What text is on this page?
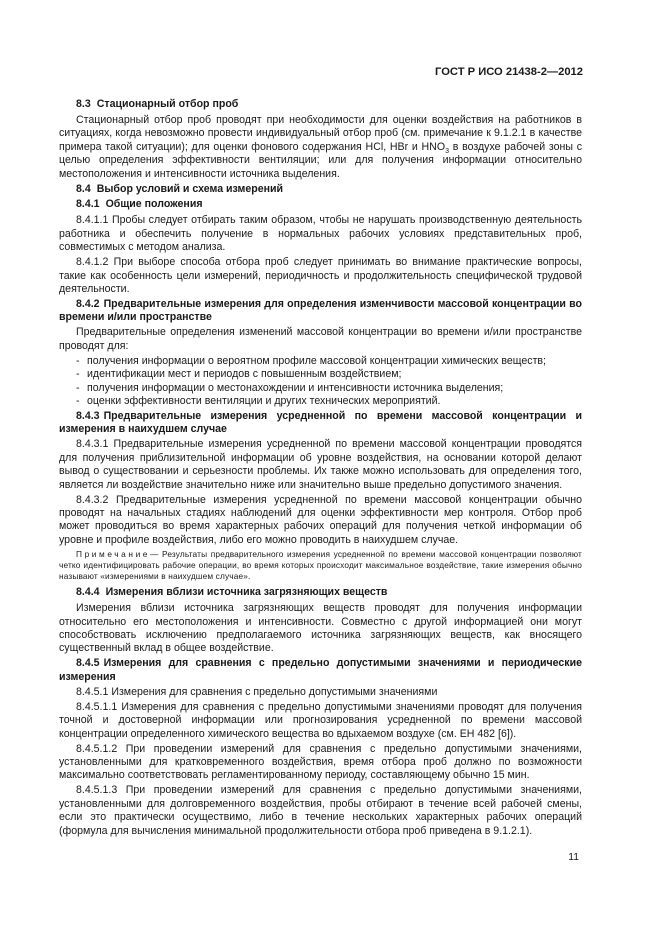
ГОСТ Р ИСО 21438-2—2012

8.3 Стационарный отбор проб

Стационарный отбор проб проводят при необходимости для оценки воздействия на работников в ситуациях, когда невозможно провести индивидуальный отбор проб (см. примечание к 9.1.2.1 в качестве примера такой ситуации); для оценки фонового содержания HCl, HBr и $HNO_3$ в воздухе рабочей зоны с целью определения эффективности вентиляции; или для получения информации относительно местоположения и интенсивности источника выделения.

8.4 Выбор условий и схема измерений

8.4.1 Общие положения

8.4.1.1 Пробы следует отбирать таким образом, чтобы не нарушать производственную деятельность работника и обеспечить получение в нормальных рабочих условиях представительных проб, совместимых с методом анализа.

8.4.1.2 При выборе способа отбора проб следует принимать во внимание практические вопросы, такие как особенность цели измерений, периодичность и продолжительность специфической трудовой деятельности.

8.4.2 Предварительные измерения для определения изменчивости массовой концентрации во времени и/или пространстве

Предварительные определения изменений массовой концентрации во времени и/или пространстве проводят для:

- получения информации о вероятном профиле массовой концентрации химических веществ;
- идентификации мест и периодов с повышенным воздействием;
- получения информации о местонахождении и интенсивности источника выделения;
- оценки эффективности вентиляции и других технических мероприятий.

8.4.3 Предварительные измерения усредненной по времени массовой концентрации и измерения в наихудшем случае

8.4.3.1 Предварительные измерения усредненной по времени массовой концентрации проводятся для получения приблизительной информации об уровне воздействия, на основании которой делают вывод о существовании и серьезности проблемы. Их также можно использовать для определения того, является ли воздействие значительно ниже или значительно выше предельно допустимого значения.

8.4.3.2 Предварительные измерения усредненной по времени массовой концентрации обычно проводят на начальных стадиях наблюдений для оценки эффективности мер контроля. Отбор проб может проводиться во время характерных рабочих операций для получения четкой информации об уровне и профиле воздействия, либо его можно проводить в наихудшем случае.

Примечание— Результаты предварительного измерения усредненной по времени массовой концентрации позволяют четко идентифицировать рабочие операции, во время которых происходит максимальное воздействие, такие измерения обычно называют «измерениями в наихудшем случае».

8.4.4 Измерения вблизи источника загрязняющих веществ

Измерения вблизи источника загрязняющих веществ проводят для получения информации относительно его местоположения и интенсивности. Совместно с другой информацией они могут способствовать исключению предполагаемого источника загрязняющих веществ, как вносящего существенный вклад в общее воздействие.

8.4.5 Измерения для сравнения с предельно допустимыми значениями и периодические измерения

8.4.5.1 Измерения для сравнения с предельно допустимыми значениями

8.4.5.1.1 Измерения для сравнения с предельно допустимыми значениями проводят для получения точной и достоверной информации или прогнозирования усредненной по времени массовой концентрации определенного химического вещества во вдыхаемом воздухе (см. ЕН 482 [6]).

8.4.5.1.2 При проведении измерений для сравнения с предельно допустимыми значениями, установленными для кратковременного воздействия, время отбора проб должно по возможности максимально соответствовать регламентированному периоду, составляющему обычно 15 мин.

8.4.5.1.3 При проведении измерений для сравнения с предельно допустимыми значениями, установленными для долговременного воздействия, пробы отбирают в течение всей рабочей смены, если это практически осуществимо, либо в течение нескольких характерных рабочих операций (формула для вычисления минимальной продолжительности отбора проб приведена в 9.1.2.1).

11
